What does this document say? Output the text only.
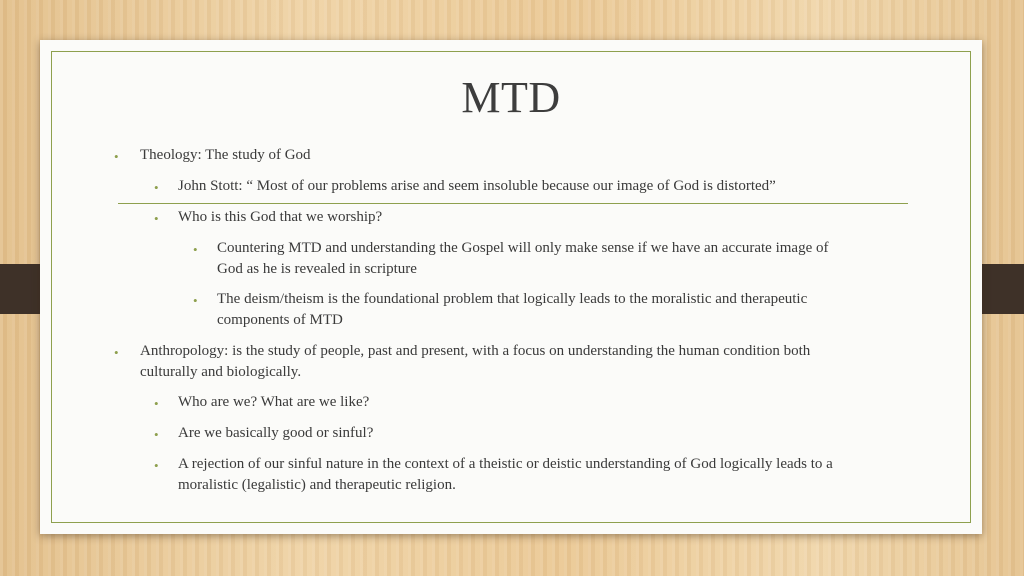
MTD
• Theology: The study of God
• John Stott: “ Most of our problems arise and seem insoluble because our image of God is distorted”
• Who is this God that we worship?
• Countering MTD and understanding the Gospel will only make sense if we have an accurate image of
God as he is revealed in scripture
• The deism/theism is the foundational problem that logically leads to the moralistic and therapeutic
components of MTD
• Anthropology: is the study of people, past and present, with a focus on understanding the human condition both
culturally and biologically.
• Who are we? What are we like?
• Are we basically good or sinful?
• A rejection of our sinful nature in the context of a theistic or deistic understanding of God logically leads to a
moralistic (legalistic) and therapeutic religion.
